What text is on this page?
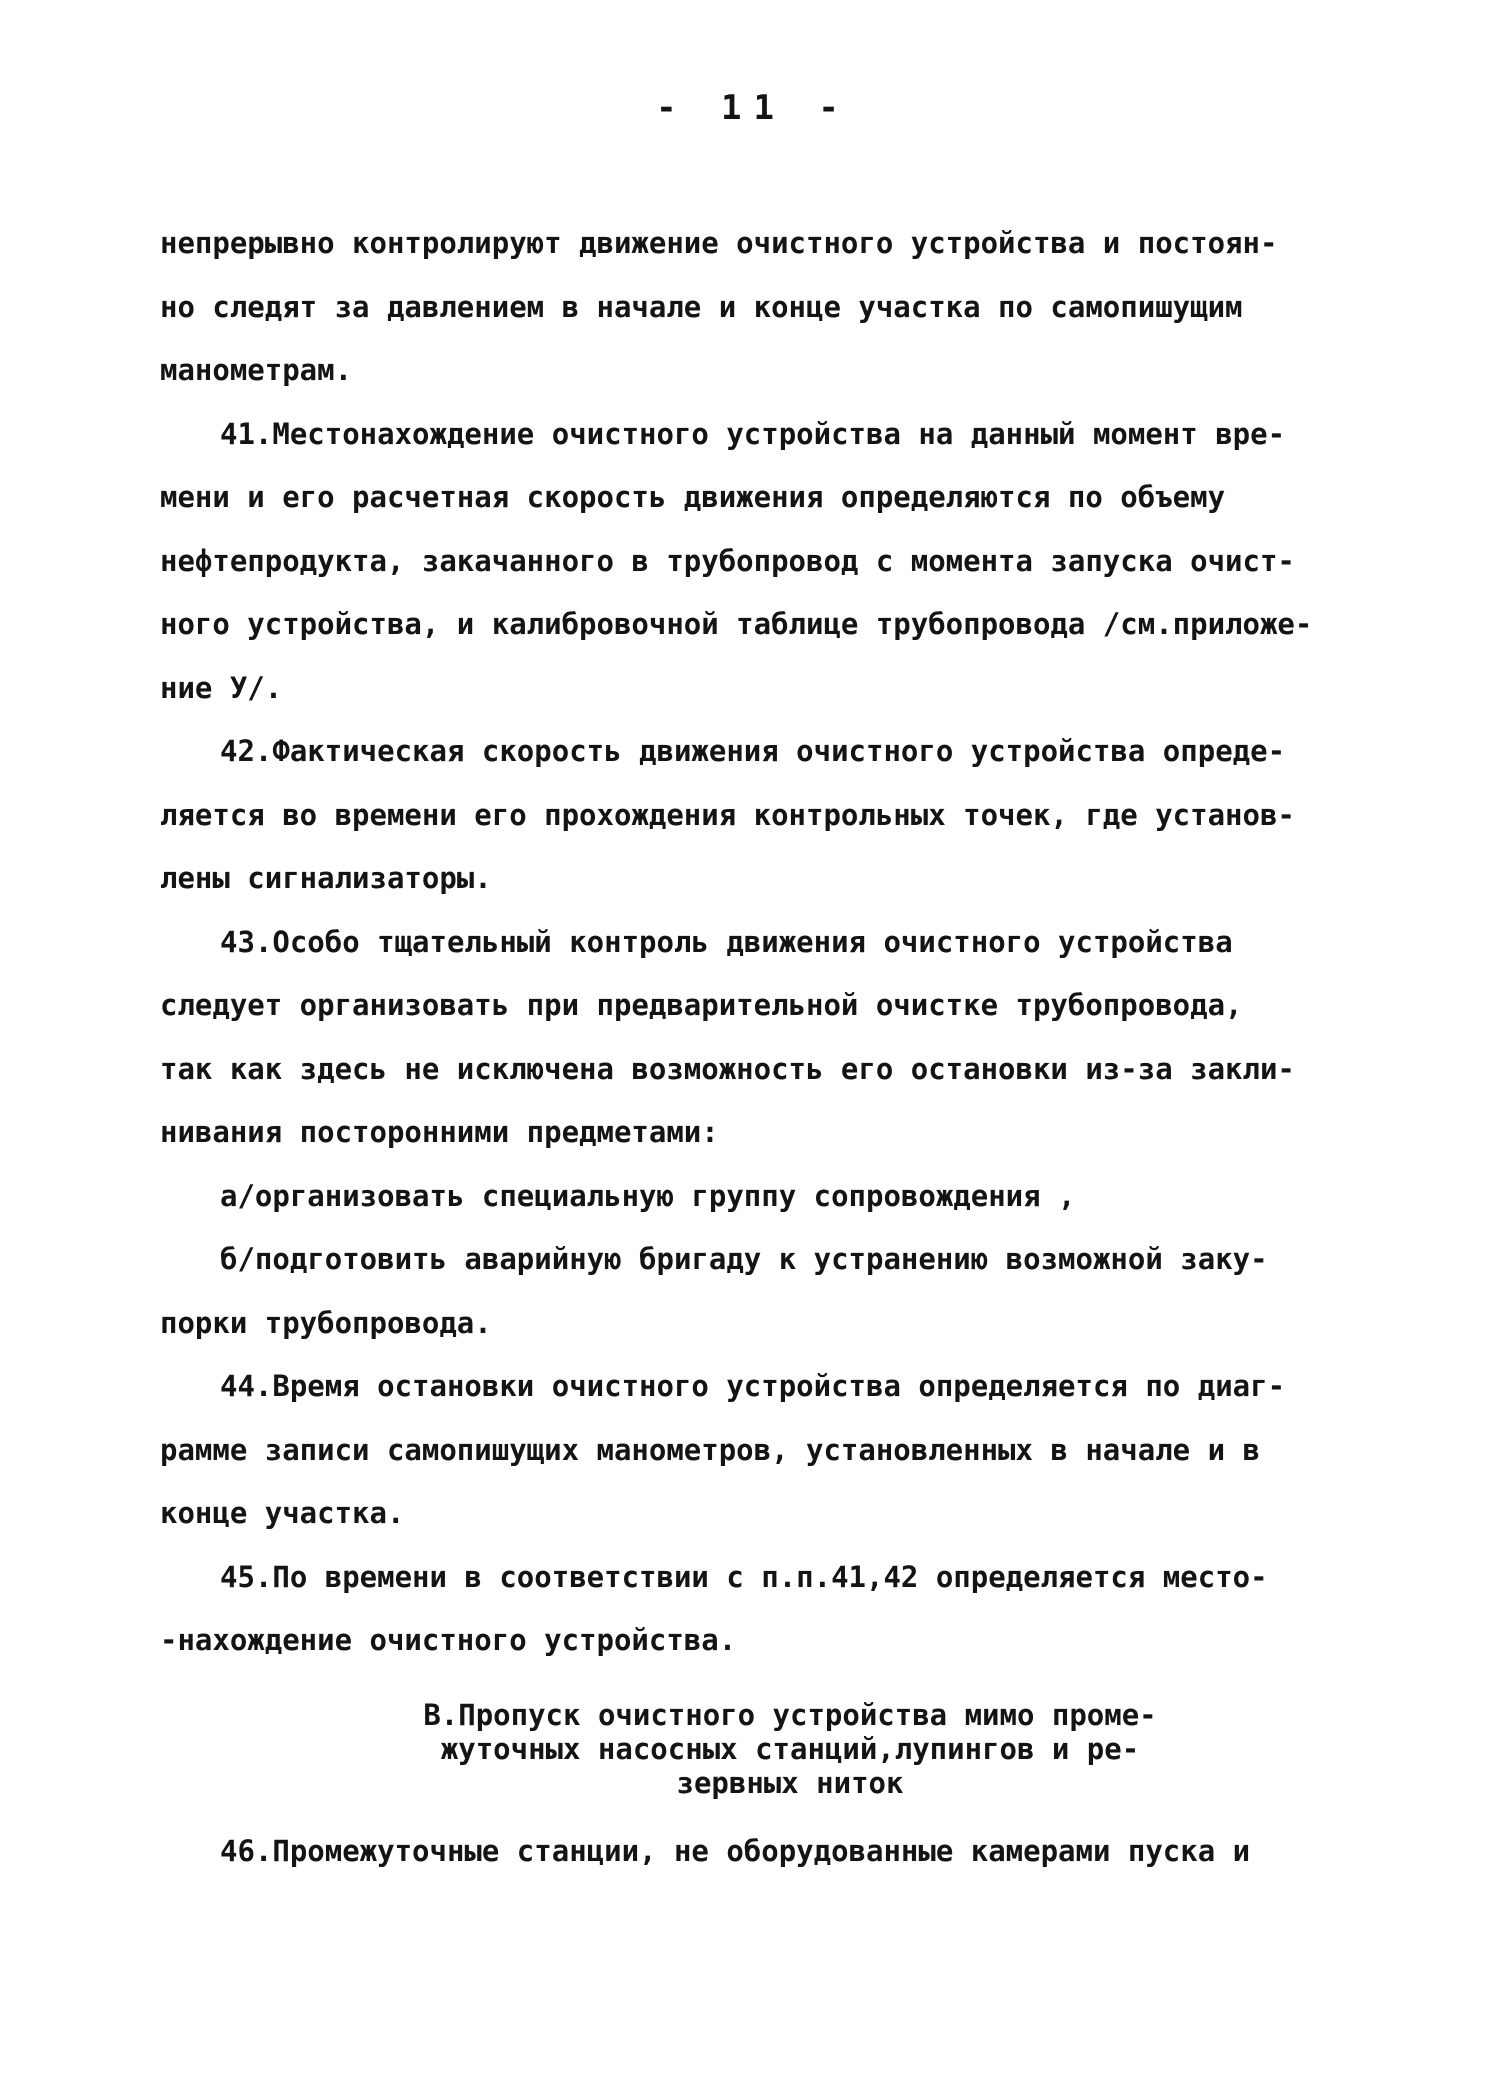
- 11 -
непрерывно контролируют движение очистного устройства и постоян-
но следят за давлением в начале и конце участка по самопишущим
манометрам.
41.Местонахождение очистного устройства на данный момент вре-
мени и его расчетная скорость движения определяются по объему
нефтепродукта, закачанного в трубопровод с момента запуска очист-
ного устройства, и калибровочной таблице трубопровода /см.приложе-
ние У/.
42.Фактическая скорость движения очистного устройства опреде-
ляется во времени его прохождения контрольных точек, где установ-
лены сигнализаторы.
43.Особо тщательный контроль движения очистного устройства
следует организовать при предварительной очистке трубопровода,
так как здесь не исключена возможность его остановки из-за закли-
нивания посторонними предметами:
а/организовать специальную группу сопровождения ,
б/подготовить аварийную бригаду к устранению возможной заку-
порки трубопровода.
44.Время остановки очистного устройства определяется по диаг-
рамме записи самопишущих манометров, установленных в начале и в
конце участка.
45.По времени в соответствии с п.п.41,42 определяется место-
-нахождение очистного устройства.
В.Пропуск очистного устройства мимо проме-
жуточных насосных станций,лупингов и ре-
зервных ниток
46.Промежуточные станции, не оборудованные камерами пуска и
